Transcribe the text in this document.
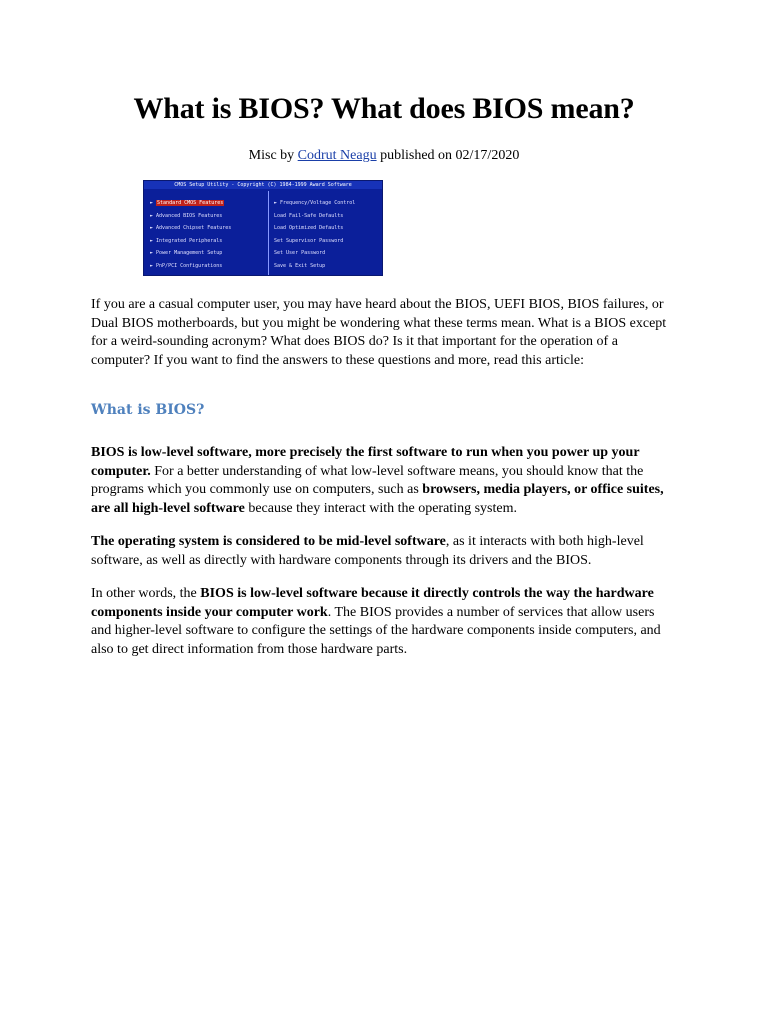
What is BIOS? What does BIOS mean?

Misc by Codrut Neagu published on 02/17/2020

CMOS Setup Utility - Copyright (C) 1984-1999 Award Software
► Standard CMOS Features
► Advanced BIOS Features
► Advanced Chipset Features
► Integrated Peripherals
► Power Management Setup
► PnP/PCI Configurations
► Frequency/Voltage Control
Load Fail-Safe Defaults
Load Optimized Defaults
Set Supervisor Password
Set User Password
Save & Exit Setup

If you are a casual computer user, you may have heard about the BIOS, UEFI BIOS, BIOS failures, or Dual BIOS motherboards, but you might be wondering what these terms mean. What is a BIOS except for a weird-sounding acronym? What does BIOS do? Is it that important for the operation of a computer? If you want to find the answers to these questions and more, read this article:

What is BIOS?

BIOS is low-level software, more precisely the first software to run when you power up your computer. For a better understanding of what low-level software means, you should know that the programs which you commonly use on computers, such as browsers, media players, or office suites, are all high-level software because they interact with the operating system.

The operating system is considered to be mid-level software, as it interacts with both high-level software, as well as directly with hardware components through its drivers and the BIOS.

In other words, the BIOS is low-level software because it directly controls the way the hardware components inside your computer work. The BIOS provides a number of services that allow users and higher-level software to configure the settings of the hardware components inside computers, and also to get direct information from those hardware parts.
